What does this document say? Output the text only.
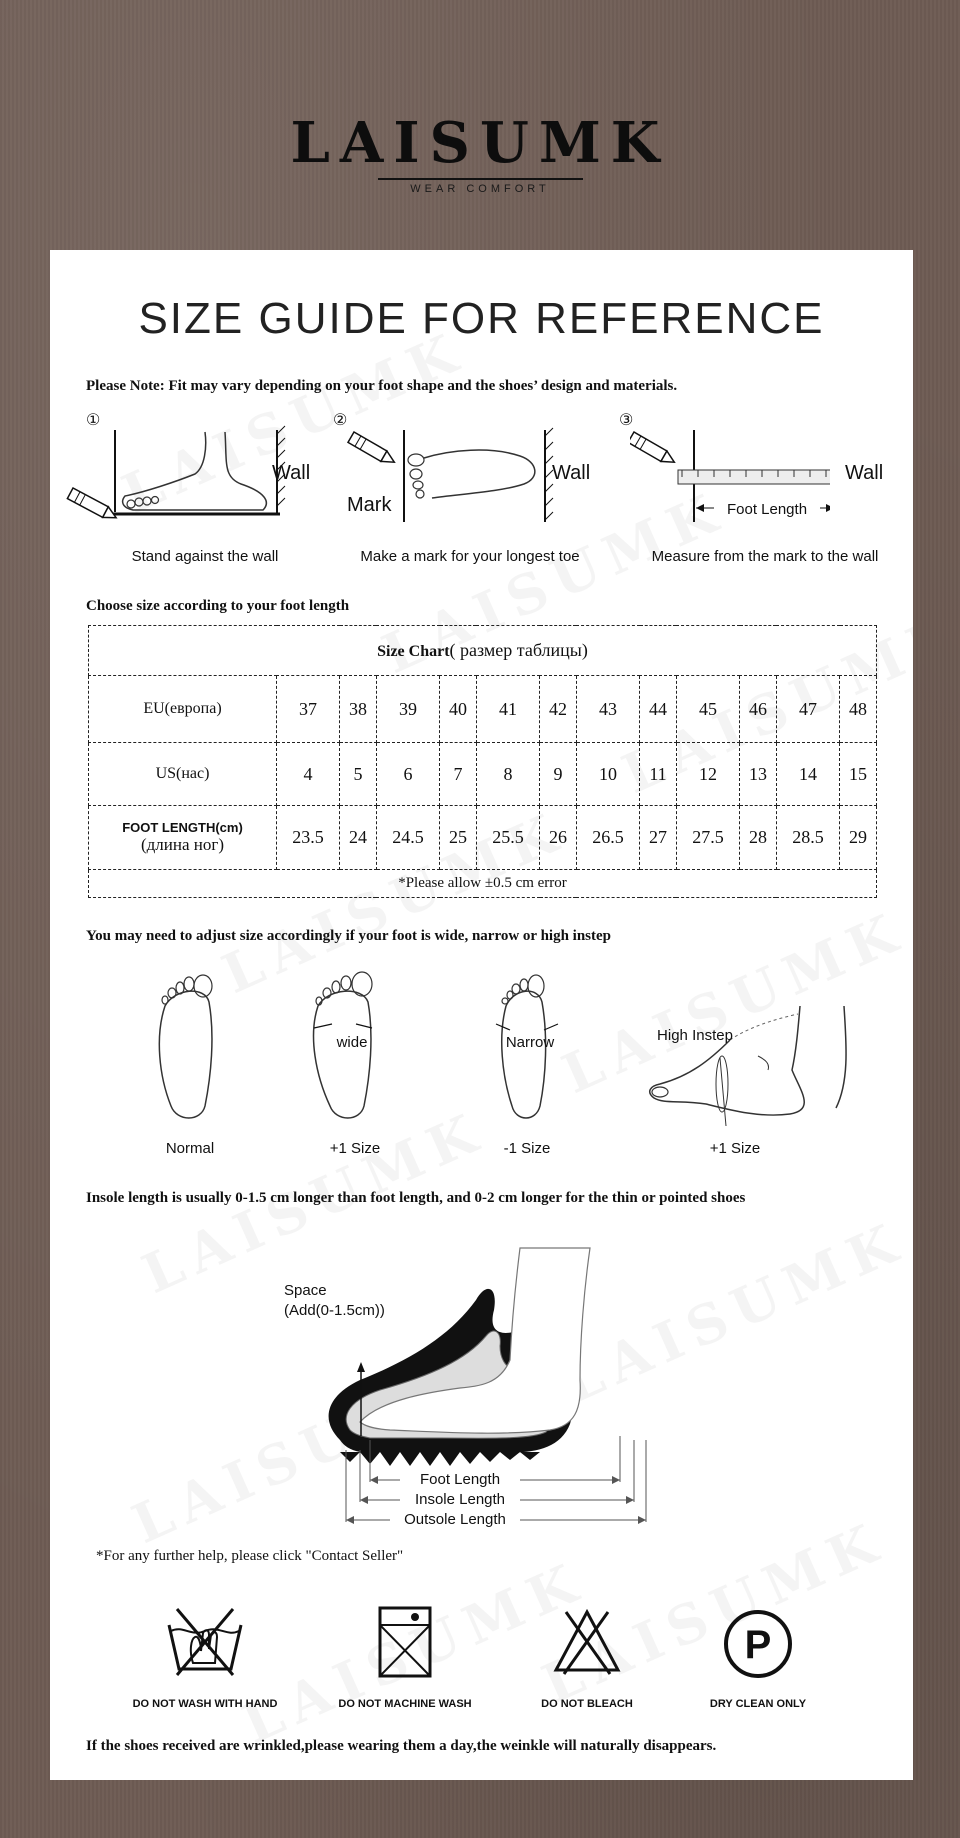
LAISUMK
WEAR COMFORT
SIZE GUIDE FOR REFERENCE
Please Note: Fit may vary depending on your foot shape and the shoes’ design and materials.
①
Wall
Stand against the wall
②
Mark
Wall
Make a mark for your longest toe
③
Foot Length
Wall
Measure from the mark to the wall
Choose size according to your foot length
Size Chart( размер таблицы)												
EU(европа)	37	38	39	40	41	42	43	44	45	46	47	48
US(нас)	4	5	6	7	8	9	10	11	12	13	14	15

FOOT LENGTH(cm)
(длина ног)	23.5	24	24.5	25	25.5	26	26.5	27	27.5	28	28.5	29
*Please allow ±0.5 cm error												
You may need to adjust size accordingly if your foot is wide, narrow or high instep
Normal
wide
+1 Size
Narrow
-1 Size
High Instep
+1 Size
Insole length is usually 0-1.5 cm longer than foot length, and 0-2 cm longer for the thin or pointed shoes
Space
(Add(0-1.5cm))
Foot Length
Insole Length
Outsole Length
*For any further help, please click "Contact Seller"
DO NOT WASH WITH HAND	DO NOT MACHINE WASH	DO NOT BLEACH
P
DRY CLEAN ONLY
If the shoes received are wrinkled,please wearing them a day,the weinkle will naturally disappears.
